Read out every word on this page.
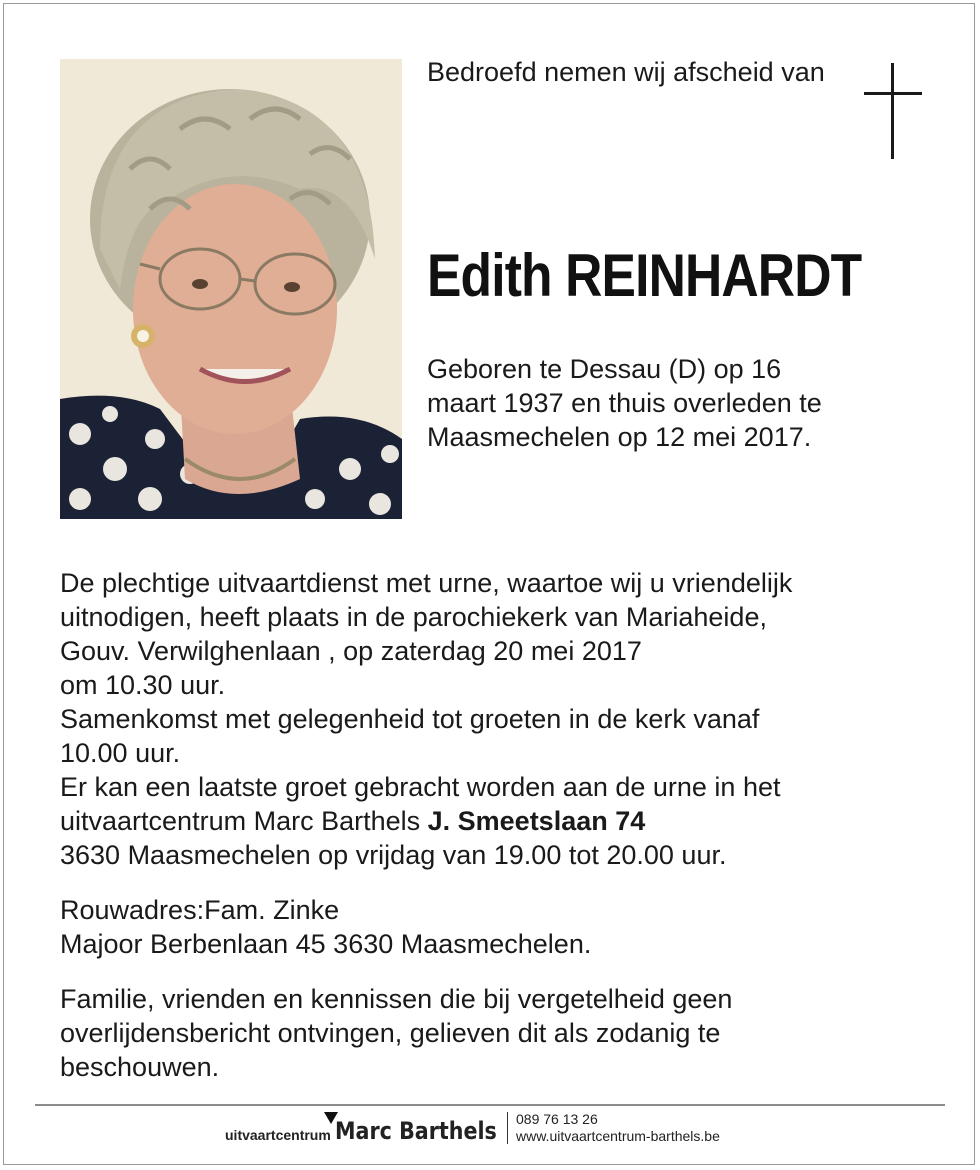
Bedroefd nemen wij afscheid van
Edith REINHARDT
Geboren te Dessau (D) op 16
maart 1937 en thuis overleden te
Maasmechelen op 12 mei 2017.

De plechtige uitvaartdienst met urne, waartoe wij u vriendelijk
uitnodigen, heeft plaats in de parochiekerk van Mariaheide,
Gouv. Verwilghenlaan , op zaterdag 20 mei 2017
om 10.30 uur.
Samenkomst met gelegenheid tot groeten in de kerk vanaf
10.00 uur.
Er kan een laatste groet gebracht worden aan de urne in het
uitvaartcentrum Marc Barthels J. Smeetslaan 74
3630 Maasmechelen op vrijdag van 19.00 tot 20.00 uur.

Rouwadres:Fam. Zinke
Majoor Berbenlaan 45 3630 Maasmechelen.

Familie, vrienden en kennissen die bij vergetelheid geen
overlijdensbericht ontvingen, gelieven dit als zodanig te
beschouwen.

uitvaartcentrum Marc Barthels 089 76 13 26
www.uitvaartcentrum-barthels.be
